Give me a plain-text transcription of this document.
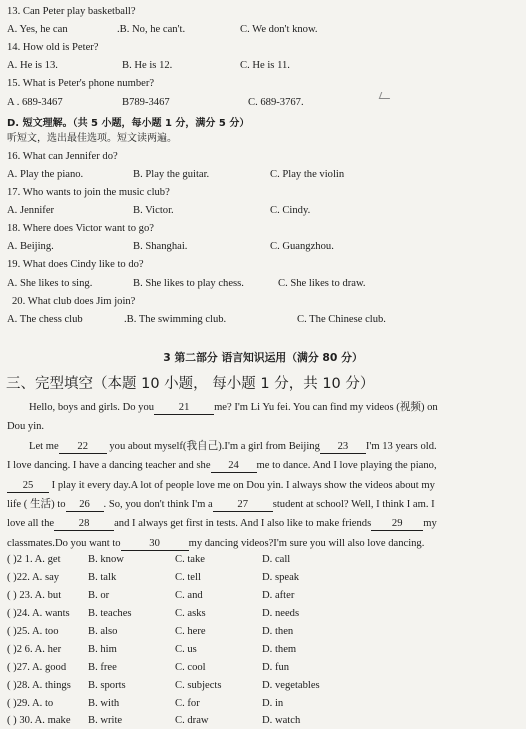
13. Can Peter play basketball?
A. Yes, he can	.B. No, he can't.	C. We don't know.
14. How old is Peter?
A. He is 13.	B. He is 12.	C. He is 11.
15. What is Peter's phone number?
A . 689-3467	B789-3467	C. 689-3767.
D. 短文理解。（共 5 小题，每小题 1 分，满分 5 分）
听短文，选出最佳选项。短文读两遍。
16. What can Jennifer do?
A. Play the piano.	B. Play the guitar.	C. Play the violin
17. Who wants to join the music club?
A. Jennifer	B. Victor.	C. Cindy.
18. Where does Victor want to go?
A. Beijing.	B. Shanghai.	C. Guangzhou.
19. What does Cindy like to do?
A. She likes to sing.	B. She likes to play chess.	C. She likes to draw.
20. What club does Jim join?
A. The chess club	.B. The swimming club.	C. The Chinese club.
3 第二部分 语言知识运用（满分 80 分）
三、完型填空（本题 10 小题， 每小题 1 分，共 10 分）
Hello, boys and girls. Do you 21 me? I'm Li Yu fei. You can find my videos (视频) on
Dou yin.
Let me 22 you about myself(我自己).I'm a girl from Beijing 23 I'm 13 years old.
I love dancing. I have a dancing teacher and she 24 me to dance. And I love playing the piano,
25 I play it every day.A lot of people love me on Dou yin. I always show the videos about my
life ( 生活) to 26 . So, you don't think I'm a 27 student at school? Well, I think I am. I
love all the 28 and I always get first in tests. And I also like to make friends 29 my
classmates.Do you want to	30	my dancing videos?I'm sure you will also love dancing.
( )2 1. A. get	B. know	C. take	D. call
( )22. A. say	B. talk	C. tell	D. speak
( ) 23. A. but	B. or	C. and	D. after
( )24. A. wants B. teaches	C. asks	D. needs
( )25. A. too	B. also	C. here	D. then
( )2 6. A. her	B. him	C. us	D. them
( )27. A. good B. free	C. cool	D. fun
( )28. A. things B. sports	C. subjects	D. vegetables
( )29. A. to	B. with	C. for	D. in
( ) 30. A. make B. write	C. draw	D. watch
